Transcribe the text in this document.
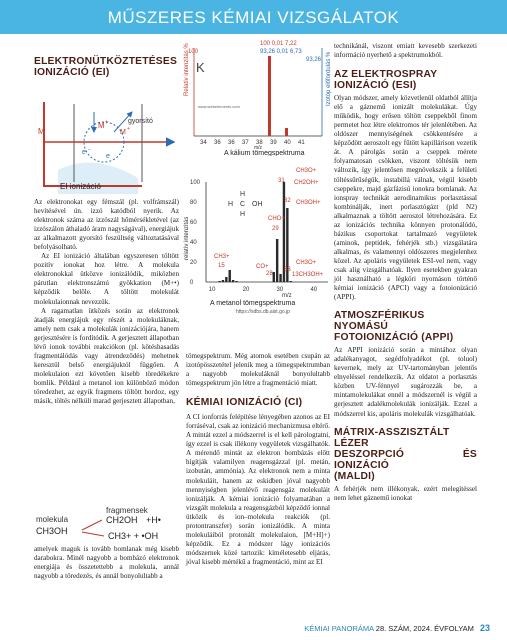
MŰSZERES KÉMIAI VIZSGÁLATOK
ELEKTRONÜTKÖZTETÉSES
IONIZÁCIÓ (EI)
M
M +
e −
e
M +
gyorsító
EI ionizáció

Az elektronokat egy fémszál (pl. volfrámszál) hevítésével ún. izzó katódból nyerik. Az elektronok száma az izzószál hőmérsékletével (az izzószálon áthaladó áram nagyságával), energiájuk az alkalmazott gyorsító feszültség változtatásával befolyásolható.

Az EI ionizáció általában egyszeresen töltött pozitív ionokat hoz létre. A molekula elektronokkal ütközve ionizálódik, miközben párutlan elektronszámú gyökkation (M+•) képződik belőle. A töltött molekulát molekulaionnak nevezzük.

A ragamatlan ütközés során az elektronok átadják energiájuk egy részét a molekuláknak, amely nem csak a molekulák ionizációjára, hanem gerjesztésére is fordítódik. A gerjesztett állapotban lévő ionok további reakciókon (pl. kötéshasadás fragmentálódás vagy átrendeződés) mehetnek keresztül belső energiájuktól függően. A molekulaion ezt követően kisebb töredékekre bomlik. Például a metanol ion különböző módon töredezhet, az egyik fragmens töltött hordoz, egy másik, töltés nélküli marad gerjesztett állapotban,

fragmensek
molekula	CH2OH +H•
CH3OH	CH3+ + •OH

amelyek maguk is tovább bomlanak még kisebb darabokra. Minél nagyobb a bombázó elektronok energiája és összetettebb a molekula, annál nagyobb a töredezés, és annál bonyolultabb a

Relatív intenzitás %	Izotóp előfordulás %
100
K
100 0,01 7,22
93,26 0,01 6,73
93,26
www.webelements.com
34 36 36 37 38 39 40 41
m/z
A kálium tömegspektruma
relatív intenzitás
100
80
60
40
20
0
10	20	30	40
m/z
A metanol tömegspektruma
https://sdbs.db.aist.go.jp
CH3O+
31 CH2OH+
32 CH3OH+
CHO+
29
CH3+
15	CO+
28
CH3O+
13CH3OH+
33
H
H C OH
H

tömegspektrum. Még atomok esetében csupán az izotópösszetétel jelenik meg a tömegspektrumban a nagyobb molekuláknál bonyolultabb tömegspektrum jön létre a fragmentáció miatt.

KÉMIAI IONIZÁCIÓ (CI)

A CI ionforrás felépítése lényegében azonos az EI forráséval, csak az ionizáció mechanizmusa eltérő. A mintát ezzel a módszerrel is el kell párologtatni, így ezzel is csak illékony vegyületek vizsgálhatók. A mérendő mintát az elektron bombázás előtt hígítják valamilyen reagensgázzal (pl. metán, izobután, ammónia). Az elektronok nem a minta molekuláit, hanem az eskidben jóval nagyobb mennyiségben jelenlévő reagensgáz molekuláit ionizálják. A kémiai ionizáció folyamatában a vizsgált molekula a reagensgázból képződő ionnal ütközik és ion–molekula reakciók (pl. protontranszfer) során ionizálódik. A minta molekuláiból protonált molekulaion, [M+H]+) képződik. Ez a módszer lágy ionizációs módszernek közé tartozik: kíméletesebb eljárás, jóval kisebb mértékű a fragmentáció, mint az EI

technikánál, viszont emiatt kevesebb szerkezeti információ nyerhető a spektrumokból.

AZ ELEKTROSPRAY
IONIZÁCIÓ (ESI)

Olyan módszer, amely közvetlenül oldatból állítja elő a gáznemű ionizált molekulákat. Úgy működik, hogy erősen töltött cseppekből finom permetet hoz létre elektromos tér jelenlétében. Az oldószer mennyiségének csökkentésére a képződött aeroszolt egy fűtött kapillárison vezetik át. A párolgás során a cseppek mérete folyamatosan csökken, viszont töltésük nem változik, így jelentősen megnövekszik a felületi töltéssűrűségük, instabillá válnak, végül kisebb cseppekre, majd gázfázisú ionokra bomlanak. Az ionspray technikát aerodinamikus porlasztással kombinálják, inert porlasztógázt (pld N2) alkalmaznak a töltött aeroszol létrehozására. Ez az ionizációs technika könnyen protonálódó, bázikus csoportokat tartalmazó vegyületek (aminok, peptidek, fehérjék stb.) vizsgálatára alkalmas, és valamennyi oldószeres megjelenhez közel. Az apoláris vegyületek ESI-vel nem, vagy csak alig vizsgálhatóak. Ilyen esetekben gyakran jól használható a légköri nyomáson történő kémiai ionizáció (APCI) vagy a fotoionizáció (APPI).

ATMOSZFÉRIKUS NYOMÁSÚ
FOTOIONIZÁCIÓ (APPI)

Az APPI ionizáció során a mintához olyan adalékanyagot, segédfolyadékot (pl. toluol) kevernek, mely az UV-tartományban jelentős elnyeléssel rendelkezik. Az oldatot a porlasztás közben UV-fénnyel sugározzák be, a mintamolekulákat ennél a módszernél is végül a gerjesztett adalékmolekulák ionizálják. Ezzel a módszerrel kis, apoláris molekulák vizsgálhatóak.

MÁTRIX-ASSZISZTÁLT LÉZER
DESZORPCIÓ ÉS IONIZÁCIÓ
(MALDI)

A fehérjék nem illékonyak, ezért melegítéssel nem lehet gáznemű ionokat

KÉMIAI PANORÁMA 28. SZÁM, 2024. ÉVFOLYAM 23
